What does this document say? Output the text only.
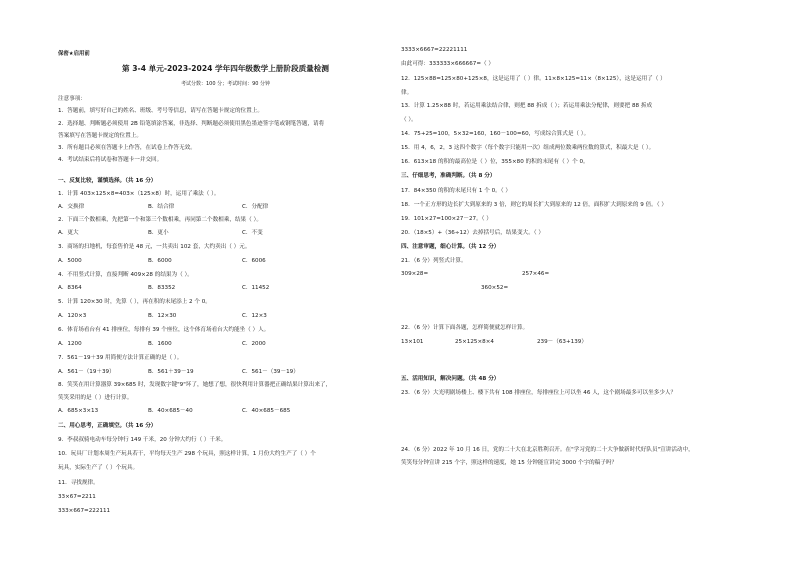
保密★启用前
第 3-4 单元-2023-2024 学年四年级数学上册阶段质量检测
考试分数：100 分；考试时间：90 分钟
注意事项：
1．答题前，填写好自己的姓名、班级、考号等信息，请写在答题卡规定的位置上。
2．选择题、判断题必须使用 2B 铅笔填涂答案，非选择、判断题必须使用黑色墨迹签字笔或钢笔答题，请将
答案填写在答题卡规定的位置上。
3．所有题目必须在答题卡上作答，在试卷上作答无效。
4．考试结束后将试卷和答题卡一并交回。
一、反复比较，谨慎选择。（共 16 分）
1．计算 403×125×8=403×（125×8）时，运用了乘法（ ）。
A．交换律	B．结合律	C．分配律
2．下面三个数相乘，先把第一个和第三个数相乘，再同第二个数相乘，结果（ ）。
A．更大	B．更小	C．不变
3．商场的扫地机，每套售价是 48 元，一共卖出 102 套，大约卖出（ ）元。
A．5000	B．6000	C．6006
4．不用竖式计算，直接判断 409×28 的结果为（ ）。
A．8364	B．83352	C．11452
5．计算 120×30 时，先算（ ），再在积的末尾添上 2 个 0。
A．120×3	B．12×30	C．12×3
6．体育场看台有 41 排座位，每排有 39 个座位，这个体育场看台大约能坐（ ）人。
A．1200	B．1600	C．2000
7．561－19＋39 用简便方法计算正确的是（ ）。
A．561－（19＋39）	B．561＋39－19	C．561－（39－19）
8．笑笑在用计算器算 39×685 时，发现数字键"9"坏了，她想了想，很快利用计算器把正确结果计算出来了，
笑笑采用的是（ ）进行计算。
A．685×3×13	B．40×685－40	C．40×685－685
二、用心思考，正确填空。（共 16 分）
9．李叔叔骑电动车每分钟行 149 千米，20 分钟大约行（ ）千米。
10．玩具厂计划本周生产玩具若干，平均每天生产 298 个玩具，照这样计算，1 月份大约生产了（ ）个
玩具，实际生产了（ ）个玩具。
11．寻找规律。
33×67=2211
333×667=222111
3333×6667=22221111
由此可得：333333×666667=（ ）
12．125×88=125×80+125×8，这是运用了（ ）律。11×8×125=11×（8×125），这是运用了（ ）
律。
13．计算 1.25×88 时，若运用乘法结合律，则把 88 拆成（ ）；若运用乘法分配律，则要把 88 拆成
（ ）。
14．75+25=100，5×32=160，160－100=60，写成综合算式是（ ）。
15．用 4，6，2，3 这四个数字（每个数字只能用一次）组成两位数乘两位数的算式，积最大是（ ）。
16．613×18 的积的最高位是（ ）位，355×80 的积的末尾有（ ）个 0。
三、仔细思考，准确判断。（共 8 分）
17．84×350 的积的末尾只有 1 个 0。（ ）
18．一个正方形的边长扩大到原来的 3 倍，则它的周长扩大到原来的 12 倍，面积扩大到原来的 9 倍。（ ）
19．101×27=100×27－27。（ ）
20．（18×5）+（36÷12）去掉括号后，结果变大。（ ）
四、注意审题，细心计算。（共 12 分）
21．（6 分）列竖式计算。
309×28=	257×46=
360×52=
22．（6 分）计算下面各题，怎样简便就怎样计算。
13×101	25×125×8×4	239－（63+139）
五、活用知识，解决问题。（共 48 分）
23．（6 分）大光明剧场楼上、楼下共有 108 排座位，每排座位上可以坐 46 人，这个剧场最多可以坐多少人？
24．（6 分）2022 年 10 月 16 日，党的二十大在北京胜利召开。在"学习党的二十大争做新时代好队员"宣讲活动中，
笑笑每分钟宣讲 215 个字，照这样的速度，她 15 分钟能宣讲完 3000 个字的稿子吗？
